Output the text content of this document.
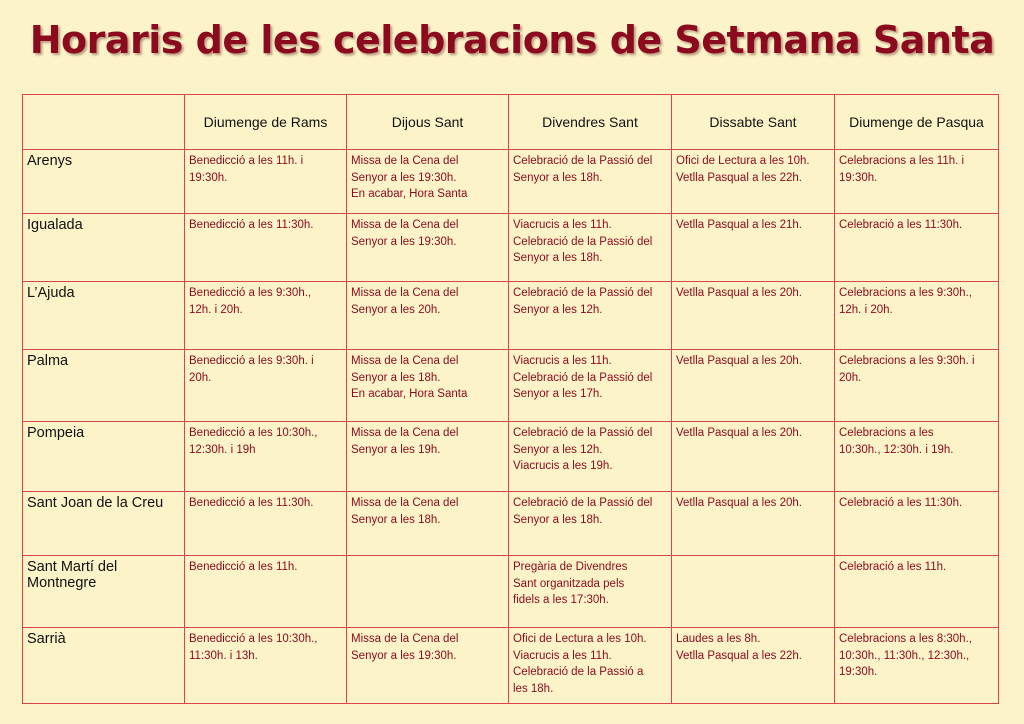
Horaris de les celebracions de Setmana Santa
	Diumenge de Rams	Dijous Sant	Divendres Sant	Dissabte Sant	Diumenge de Pasqua
Arenys	Benedicció a les 11h. i
19:30h.	Missa de la Cena del
Senyor a les 19:30h.
En acabar, Hora Santa	Celebració de la Passió del
Senyor a les 18h.	Ofici de Lectura a les 10h.
Vetlla Pasqual a les 22h.	Celebracions a les 11h. i
19:30h.
Igualada	Benedicció a les 11:30h.	Missa de la Cena del
Senyor a les 19:30h.	Viacrucis a les 11h.
Celebració de la Passió del
Senyor a les 18h.	Vetlla Pasqual a les 21h.	Celebració a les 11:30h.
L’Ajuda	Benedicció a les 9:30h.,
12h. i 20h.	Missa de la Cena del
Senyor a les 20h.	Celebració de la Passió del
Senyor a les 12h.	Vetlla Pasqual a les 20h.	Celebracions a les 9:30h.,
12h. i 20h.
Palma	Benedicció a les 9:30h. i
20h.	Missa de la Cena del
Senyor a les 18h.
En acabar, Hora Santa	Viacrucis a les 11h.
Celebració de la Passió del
Senyor a les 17h.	Vetlla Pasqual a les 20h.	Celebracions a les 9:30h. i
20h.
Pompeia	Benedicció a les 10:30h.,
12:30h. i 19h	Missa de la Cena del
Senyor a les 19h.	Celebració de la Passió del
Senyor a les 12h.
Viacrucis a les 19h.	Vetlla Pasqual a les 20h.	Celebracions a les
10:30h., 12:30h. i 19h.
Sant Joan de la Creu	Benedicció a les 11:30h.	Missa de la Cena del
Senyor a les 18h.	Celebració de la Passió del
Senyor a les 18h.	Vetlla Pasqual a les 20h.	Celebració a les 11:30h.
Sant Martí del
Montnegre	Benedicció a les 11h.		Pregària de Divendres
Sant organitzada pels
fidels a les 17:30h.		Celebració a les 11h.
Sarrià	Benedicció a les 10:30h.,
11:30h. i 13h.	Missa de la Cena del
Senyor a les 19:30h.	Ofici de Lectura a les 10h.
Viacrucis a les 11h.
Celebració de la Passió a
les 18h.	Laudes a les 8h.
Vetlla Pasqual a les 22h.	Celebracions a les 8:30h.,
10:30h., 11:30h., 12:30h.,
19:30h.
